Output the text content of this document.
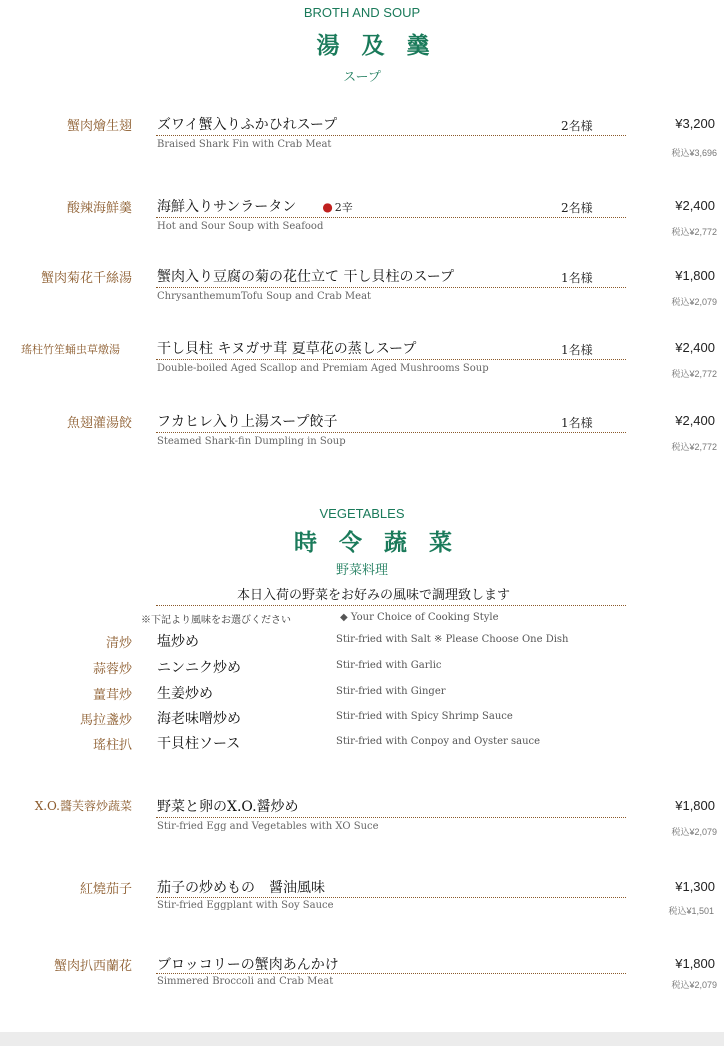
BROTH AND SOUP
湯及羹
スープ
蟹肉燴生翅 ズワイ蟹入りふかひれスープ	2名様	¥3,200
Braised Shark Fin with Crab Meat
税込¥3,696
酸辣海鮮羹 海鮮入りサンラータン ● 2辛	2名様	¥2,400
Hot and Sour Soup with Seafood	税込¥2,772
蟹肉菊花千絲湯 蟹肉入り豆腐の菊の花仕立て 干し貝柱のスープ	1名様	¥1,800
ChrysanthemumTofu Soup and Crab Meat	税込¥2,079
瑤柱竹笙蛹虫草燉湯	干し貝柱 キヌガサ茸 夏草花の蒸しスープ	1名様	¥2,400
Double-boiled Aged Scallop and Premiam Aged Mushrooms Soup	税込¥2,772
魚翅灌湯餃 フカヒレ入り上湯スープ餃子	1名様	¥2,400
Steamed Shark-fin Dumpling in Soup	税込¥2,772
VEGETABLES
時令蔬菜
野菜料理
本日入荷の野菜をお好みの風味で調理致します
※下記より風味をお選びください	◆ Your Choice of Cooking Style
清炒 塩炒め	Stir-fried with Salt ※ Please Choose One Dish
蒜蓉炒 ニンニク炒め	Stir-fried with Garlic
薑茸炒 生姜炒め	Stir-fried with Ginger
馬拉盞炒 海老味噌炒め	Stir-fried with Spicy Shrimp Sauce
瑤柱扒 干貝柱ソース	Stir-fried with Conpoy and Oyster sauce
X.O.醬芙蓉炒蔬菜 野菜と卵のX.O.醤炒め	¥1,800
Stir-fried Egg and Vegetables with XO Suce	税込¥2,079
紅燒茄子 茄子の炒めもの　醤油風味	¥1,300
Stir-fried Eggplant with Soy Sauce	税込¥1,501
蟹肉扒西蘭花 ブロッコリーの蟹肉あんかけ	¥1,800
Simmered Broccoli and Crab Meat	税込¥2,079
